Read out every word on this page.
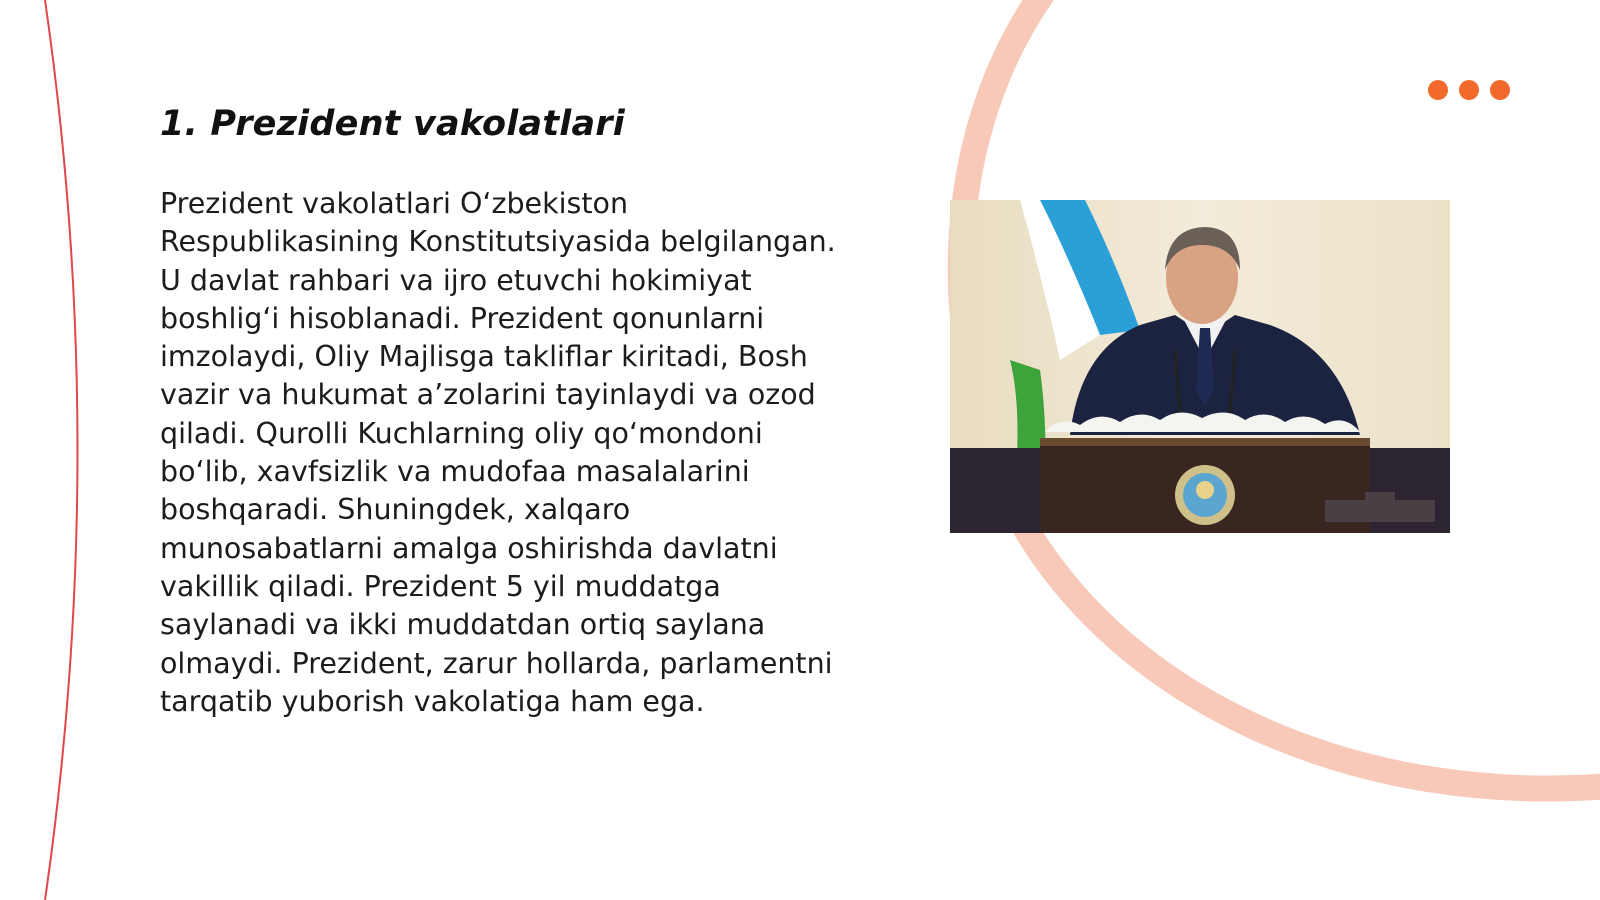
1. Prezident vakolatlari

Prezident vakolatlari O‘zbekiston Respublikasining Konstitutsiyasida belgilangan. U davlat rahbari va ijro etuvchi hokimiyat boshlig‘i hisoblanadi. Prezident qonunlarni imzolaydi, Oliy Majlisga takliflar kiritadi, Bosh vazir va hukumat a’zolarini tayinlaydi va ozod qiladi. Qurolli Kuchlarning oliy qo‘mondoni bo‘lib, xavfsizlik va mudofaa masalalarini boshqaradi. Shuningdek, xalqaro munosabatlarni amalga oshirishda davlatni vakillik qiladi. Prezident 5 yil muddatga saylanadi va ikki muddatdan ortiq saylana olmaydi. Prezident, zarur hollarda, parlamentni tarqatib yuborish vakolatiga ham ega.
